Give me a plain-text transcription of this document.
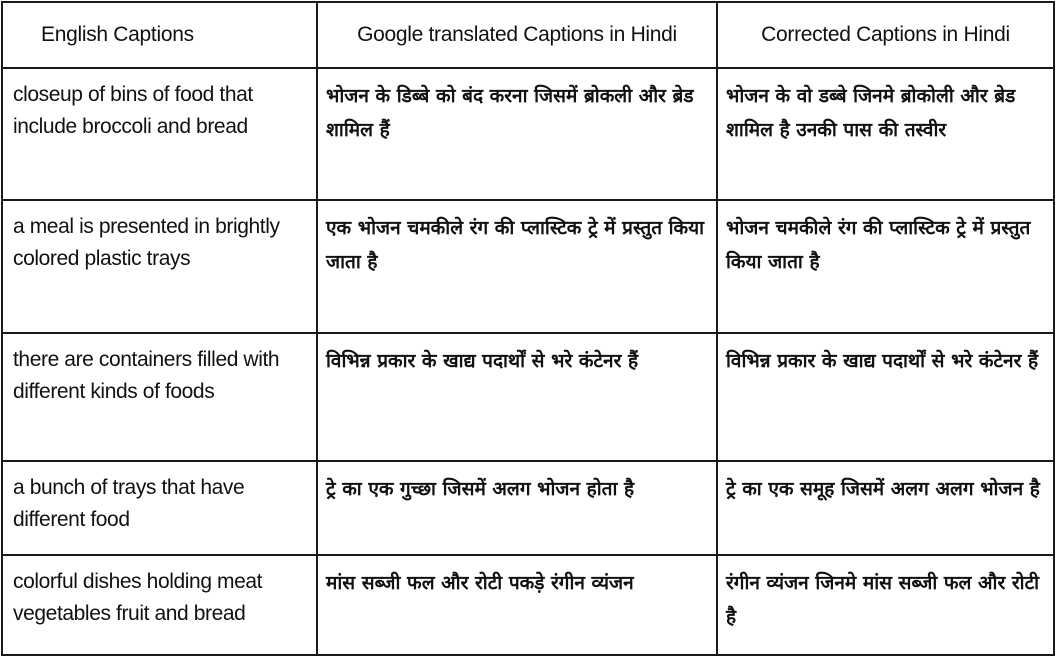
English Captions	Google translated Captions in Hindi	Corrected Captions in Hindi
closeup of bins of food that include broccoli and bread	भोजन के डिब्बे को बंद करना जिसमें ब्रोकली और ब्रेड शामिल हैं	भोजन के वो डब्बे जिनमे ब्रोकोली और ब्रेड शामिल है उनकी पास की तस्वीर
a meal is presented in brightly colored plastic trays	एक भोजन चमकीले रंग की प्लास्टिक ट्रे में प्रस्तुत किया जाता है	भोजन चमकीले रंग की प्लास्टिक ट्रे में प्रस्तुत किया जाता है
there are containers filled with different kinds of foods	विभिन्न प्रकार के खाद्य पदार्थों से भरे कंटेनर हैं	विभिन्न प्रकार के खाद्य पदार्थों से भरे कंटेनर हैं
a bunch of trays that have different food	ट्रे का एक गुच्छा जिसमें अलग भोजन होता है	ट्रे का एक समूह जिसमें अलग अलग भोजन है
colorful dishes holding meat vegetables fruit and bread	मांस सब्जी फल और रोटी पकड़े रंगीन व्यंजन	रंगीन व्यंजन जिनमे मांस सब्जी फल और रोटी है
